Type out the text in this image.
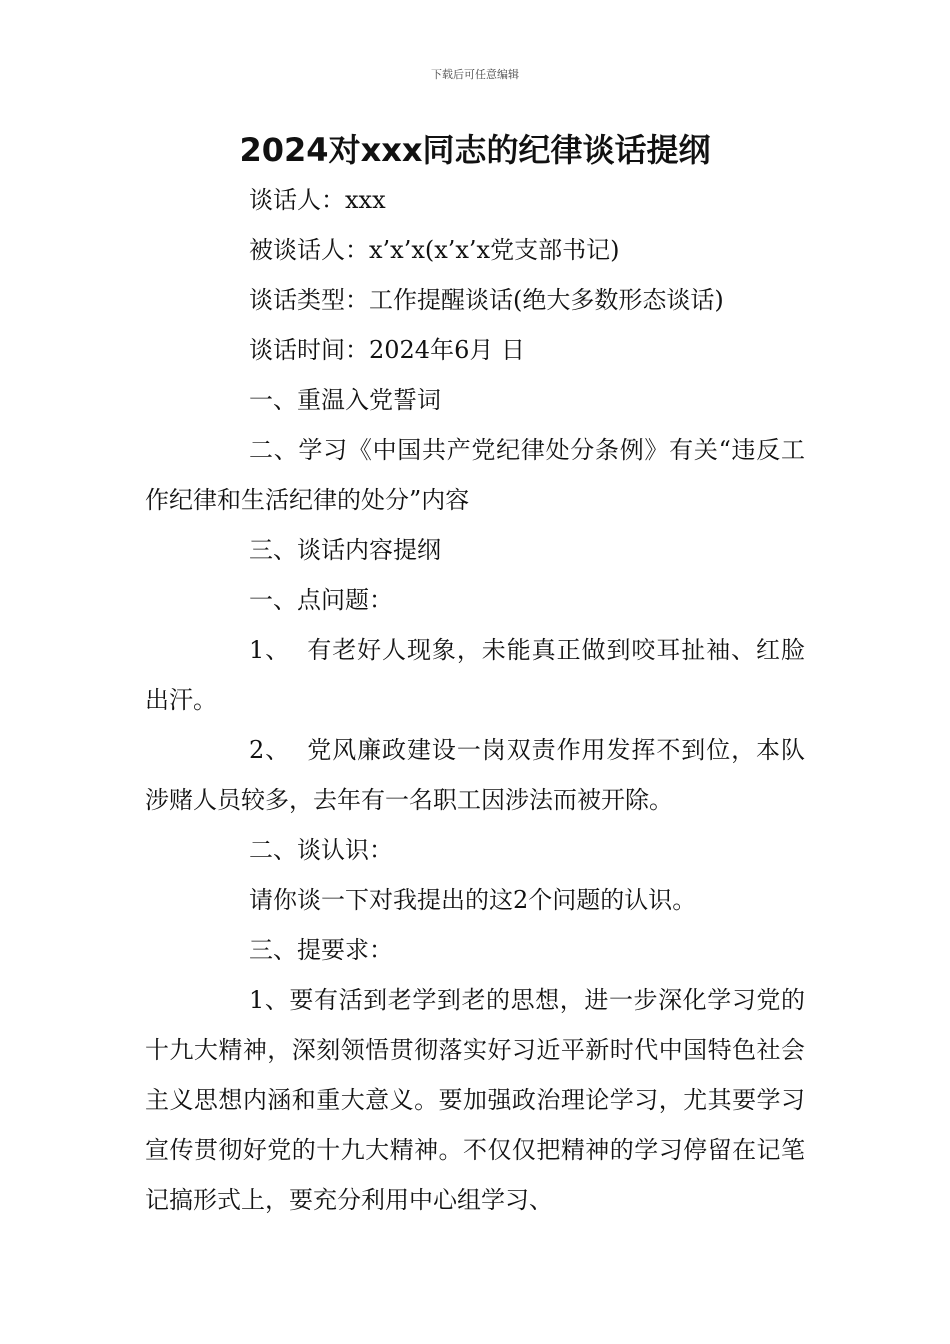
下载后可任意编辑
2024对xxx同志的纪律谈话提纲

谈话人：xxx

被谈话人：x’x’x(x’x’x党支部书记)

谈话类型：工作提醒谈话(绝大多数形态谈话)

谈话时间：2024年6月 日

一、重温入党誓词

二、学习《中国共产党纪律处分条例》有关“违反工作纪律和生活纪律的处分”内容

三、谈话内容提纲

一、点问题：

1、  有老好人现象，未能真正做到咬耳扯袖、红脸出汗。

2、  党风廉政建设一岗双责作用发挥不到位，本队涉赌人员较多，去年有一名职工因涉法而被开除。

二、谈认识：

请你谈一下对我提出的这2个问题的认识。

三、提要求：

1、要有活到老学到老的思想，进一步深化学习党的十九大精神，深刻领悟贯彻落实好习近平新时代中国特色社会主义思想内涵和重大意义。要加强政治理论学习，尤其要学习宣传贯彻好党的十九大精神。不仅仅把精神的学习停留在记笔记搞形式上，要充分利用中心组学习、
